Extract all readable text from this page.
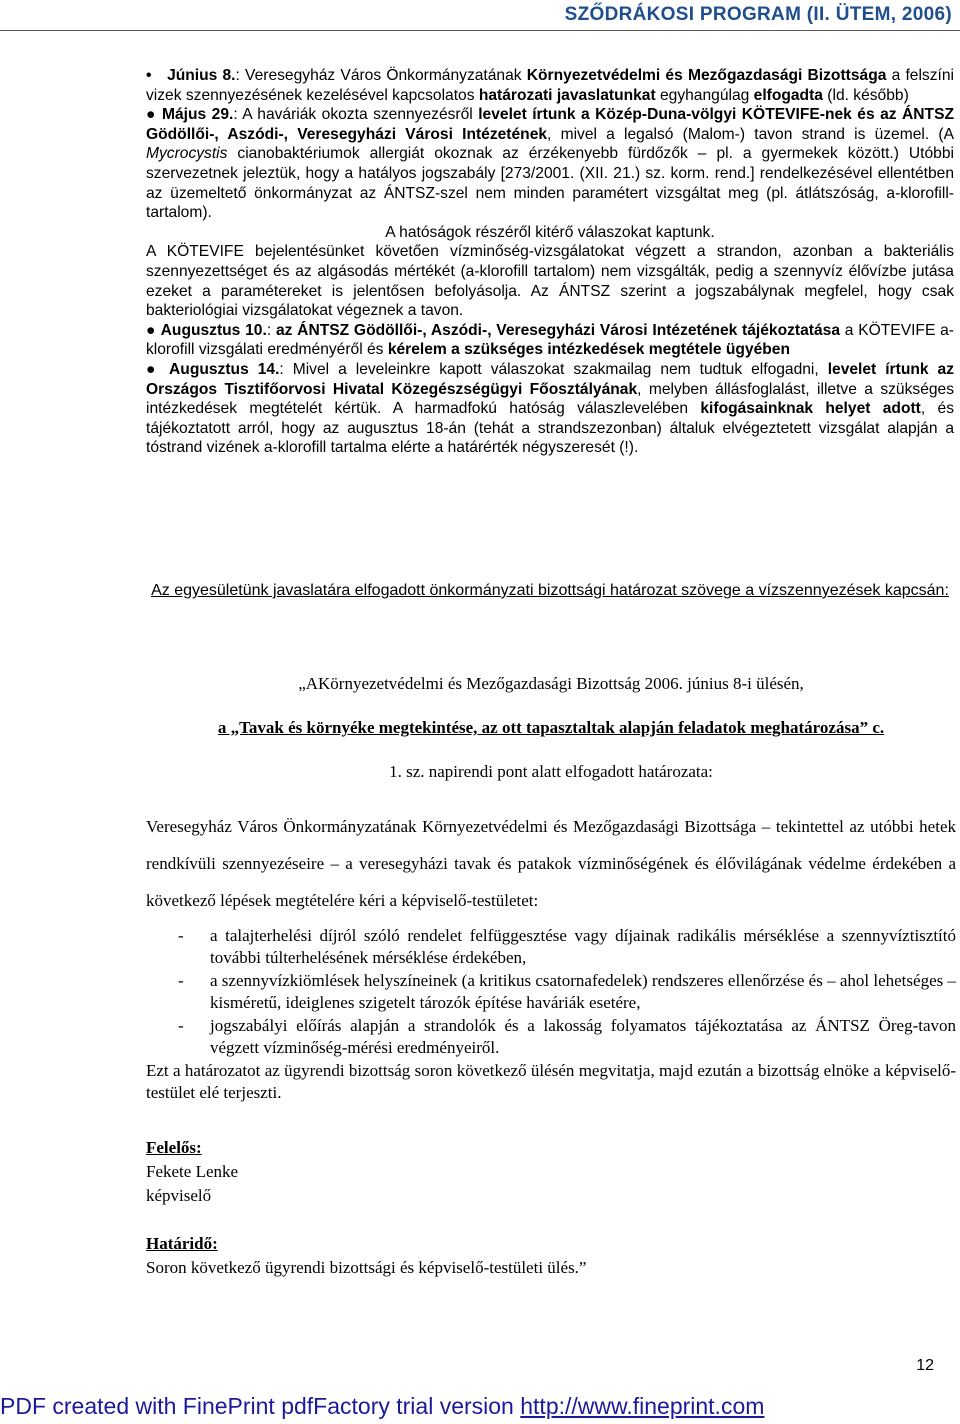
SZŐDRÁKOSI PROGRAM (II. ÜTEM, 2006)

•   Június 8.: Veresegyház Város Önkormányzatának Környezetvédelmi és Mezőgazdasági Bizottsága a felszíni vizek szennyezésének kezelésével kapcsolatos határozati javaslatunkat egyhangúlag elfogadta (ld. később)

● Május 29.: A haváriák okozta szennyezésről levelet írtunk a Közép-Duna-völgyi KÖTEVIFE-nek és az ÁNTSZ Gödöllői-, Aszódi-, Veresegyházi Városi Intézetének, mivel a legalsó (Malom-) tavon strand is üzemel. (A Mycrocystis cianobaktériumok allergiát okoznak az érzékenyebb fürdőzők – pl. a gyermekek között.) Utóbbi szervezetnek jeleztük, hogy a hatályos jogszabály [273/2001. (XII. 21.) sz. korm. rend.] rendelkezésével ellentétben az üzemeltető önkormányzat az ÁNTSZ-szel nem minden paramétert vizsgáltat meg (pl. átlátszóság, a-klorofill-tartalom).

A hatóságok részéről kitérő válaszokat kaptunk.

A KÖTEVIFE bejelentésünket követően vízminőség-vizsgálatokat végzett a strandon, azonban a bakteriális szennyezettséget és az algásodás mértékét (a-klorofill tartalom) nem vizsgálták, pedig a szennyvíz élővízbe jutása ezeket a paramétereket is jelentősen befolyásolja. Az ÁNTSZ szerint a jogszabálynak megfelel, hogy csak bakteriológiai vizsgálatokat végeznek a tavon.

● Augusztus 10.: az ÁNTSZ Gödöllői-, Aszódi-, Veresegyházi Városi Intézetének tájékoztatása a KÖTEVIFE a-klorofill vizsgálati eredményéről és kérelem a szükséges intézkedések megtétele ügyében

● Augusztus 14.: Mivel a leveleinkre kapott válaszokat szakmailag nem tudtuk elfogadni, levelet írtunk az Országos Tisztifőorvosi Hivatal Közegészségügyi Főosztályának, melyben állásfoglalást, illetve a szükséges intézkedések megtételét kértük. A harmadfokú hatóság válaszlevelében kifogásainknak helyet adott, és tájékoztatott arról, hogy az augusztus 18-án (tehát a strandszezonban) általuk elvégeztetett vizsgálat alapján a tóstrand vizének a-klorofill tartalma elérte a határérték négyszeresét (!).

Az egyesületünk javaslatára elfogadott önkormányzati bizottsági határozat szövege a vízszennyezések kapcsán:
„AKörnyezetvédelmi és Mezőgazdasági Bizottság 2006. június 8-i ülésén,
a „Tavak és környéke megtekintése, az ott tapasztaltak alapján feladatok meghatározása” c.
1. sz. napirendi pont alatt elfogadott határozata:

Veresegyház Város Önkormányzatának Környezetvédelmi és Mezőgazdasági Bizottsága – tekintettel az utóbbi hetek rendkívüli szennyezéseire – a veresegyházi tavak és patakok vízminőségének és élővilágának védelme érdekében a következő lépések megtételére kéri a képviselő-testületet:

- a talajterhelési díjról szóló rendelet felfüggesztése vagy díjainak radikális mérséklése a szennyvíztisztító további túlterhelésének mérséklése érdekében,
- a szennyvízkiömlések helyszíneinek (a kritikus csatornafedelek) rendszeres ellenőrzése és – ahol lehetséges – kisméretű, ideiglenes szigetelt tározók építése haváriák esetére,
- jogszabályi előírás alapján a strandolók és a lakosság folyamatos tájékoztatása az ÁNTSZ Öreg-tavon végzett vízminőség-mérési eredményeiről.

Ezt a határozatot az ügyrendi bizottság soron következő ülésén megvitatja, majd ezután a bizottság elnöke a képviselő-testület elé terjeszti.

Felelős:
Fekete Lenke
képviselő
Határidő:
Soron következő ügyrendi bizottsági és képviselő-testületi ülés.”
12
PDF created with FinePrint pdfFactory trial version http://www.fineprint.com
